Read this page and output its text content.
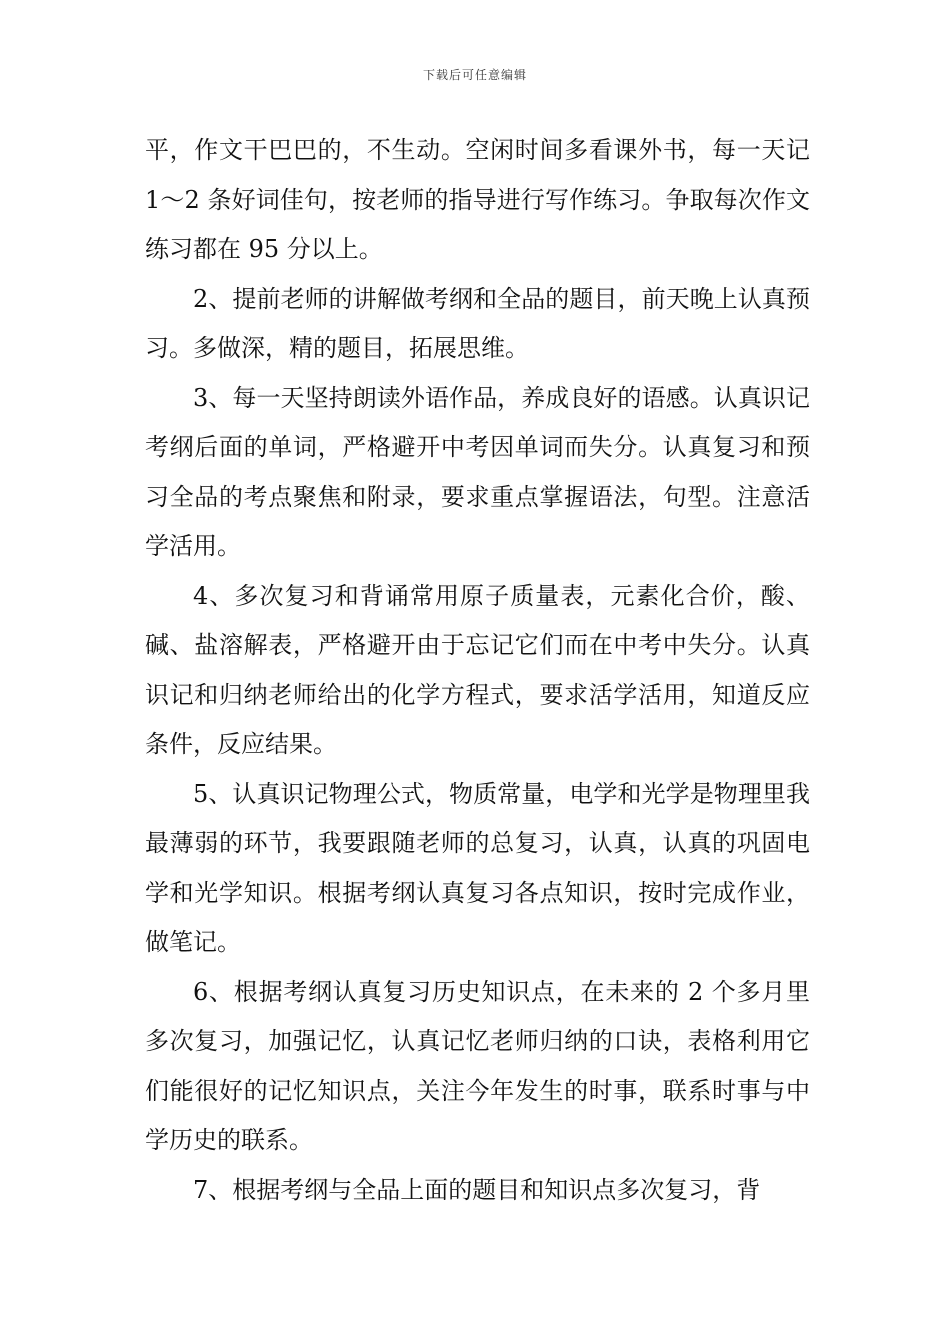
下载后可任意编辑

平，作文干巴巴的，不生动。空闲时间多看课外书，每一天记 1～2 条好词佳句，按老师的指导进行写作练习。争取每次作文练习都在 95 分以上。

2、提前老师的讲解做考纲和全品的题目，前天晚上认真预习。多做深，精的题目，拓展思维。

3、每一天坚持朗读外语作品，养成良好的语感。认真识记考纲后面的单词，严格避开中考因单词而失分。认真复习和预习全品的考点聚焦和附录，要求重点掌握语法，句型。注意活学活用。

4、多次复习和背诵常用原子质量表，元素化合价，酸、碱、盐溶解表，严格避开由于忘记它们而在中考中失分。认真识记和归纳老师给出的化学方程式，要求活学活用，知道反应条件，反应结果。

5、认真识记物理公式，物质常量，电学和光学是物理里我最薄弱的环节，我要跟随老师的总复习，认真，认真的巩固电学和光学知识。根据考纲认真复习各点知识，按时完成作业，做笔记。

6、根据考纲认真复习历史知识点，在未来的 2 个多月里多次复习，加强记忆，认真记忆老师归纳的口诀，表格利用它们能很好的记忆知识点，关注今年发生的时事，联系时事与中学历史的联系。

7、根据考纲与全品上面的题目和知识点多次复习，背
